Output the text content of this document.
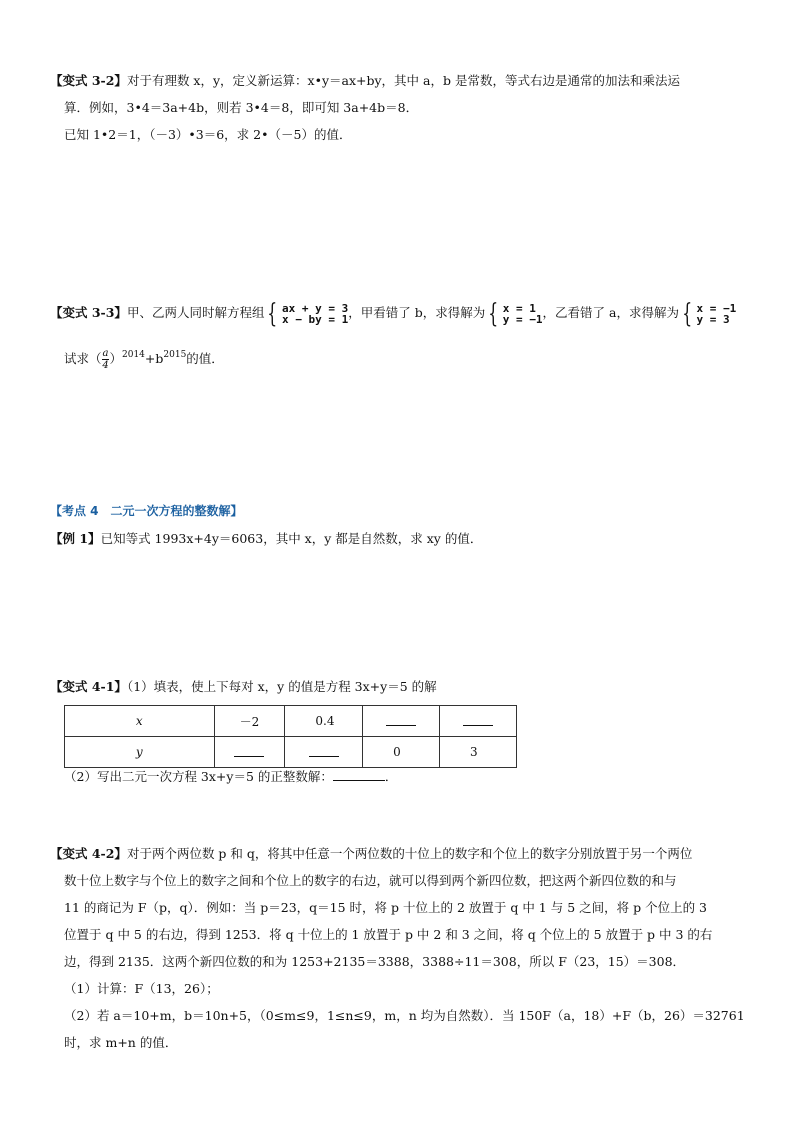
【变式 3-2】对于有理数 x，y，定义新运算：x•y＝ax+by，其中 a，b 是常数，等式右边是通常的加法和乘法运
算．例如，3•4＝3a+4b，则若 3•4＝8，即可知 3a+4b＝8．
已知 1•2＝1，（－3）•3＝6，求 2•（－5）的值．
【变式 3-3】甲、乙两人同时解方程组 { ax + y = 3
x − by = 1，甲看错了 b，求得解为 { x = 1
y = −1，乙看错了 a，求得解为 { x = −1
y = 3
试求（ $\frac{a}{4} )^{2014}+b^{2015}$的值．
【考点 4　二元一次方程的整数解】
【例 1】已知等式 1993x+4y＝6063，其中 x，y 都是自然数，求 xy 的值．
【变式 4-1】（1）填表，使上下每对 x，y 的值是方程 3x+y＝5 的解
x	－2	0.4		
y			0	3
（2）写出二元一次方程 3x+y＝5 的正整数解：	．
【变式 4-2】对于两个两位数 p 和 q，将其中任意一个两位数的十位上的数字和个位上的数字分别放置于另一个两位
数十位上数字与个位上的数字之间和个位上的数字的右边，就可以得到两个新四位数，把这两个新四位数的和与
11 的商记为 F（p，q）．例如：当 p＝23，q＝15 时，将 p 十位上的 2 放置于 q 中 1 与 5 之间，将 p 个位上的 3
位置于 q 中 5 的右边，得到 1253．将 q 十位上的 1 放置于 p 中 2 和 3 之间，将 q 个位上的 5 放置于 p 中 3 的右
边，得到 2135．这两个新四位数的和为 1253+2135＝3388，3388÷11＝308，所以 F（23，15）＝308．
（1）计算：F（13，26）；
（2）若 a＝10+m，b＝10n+5，（0≤m≤9，1≤n≤9，m，n 均为自然数）．当 150F（a，18）+F（b，26）＝32761
时，求 m+n 的值．
